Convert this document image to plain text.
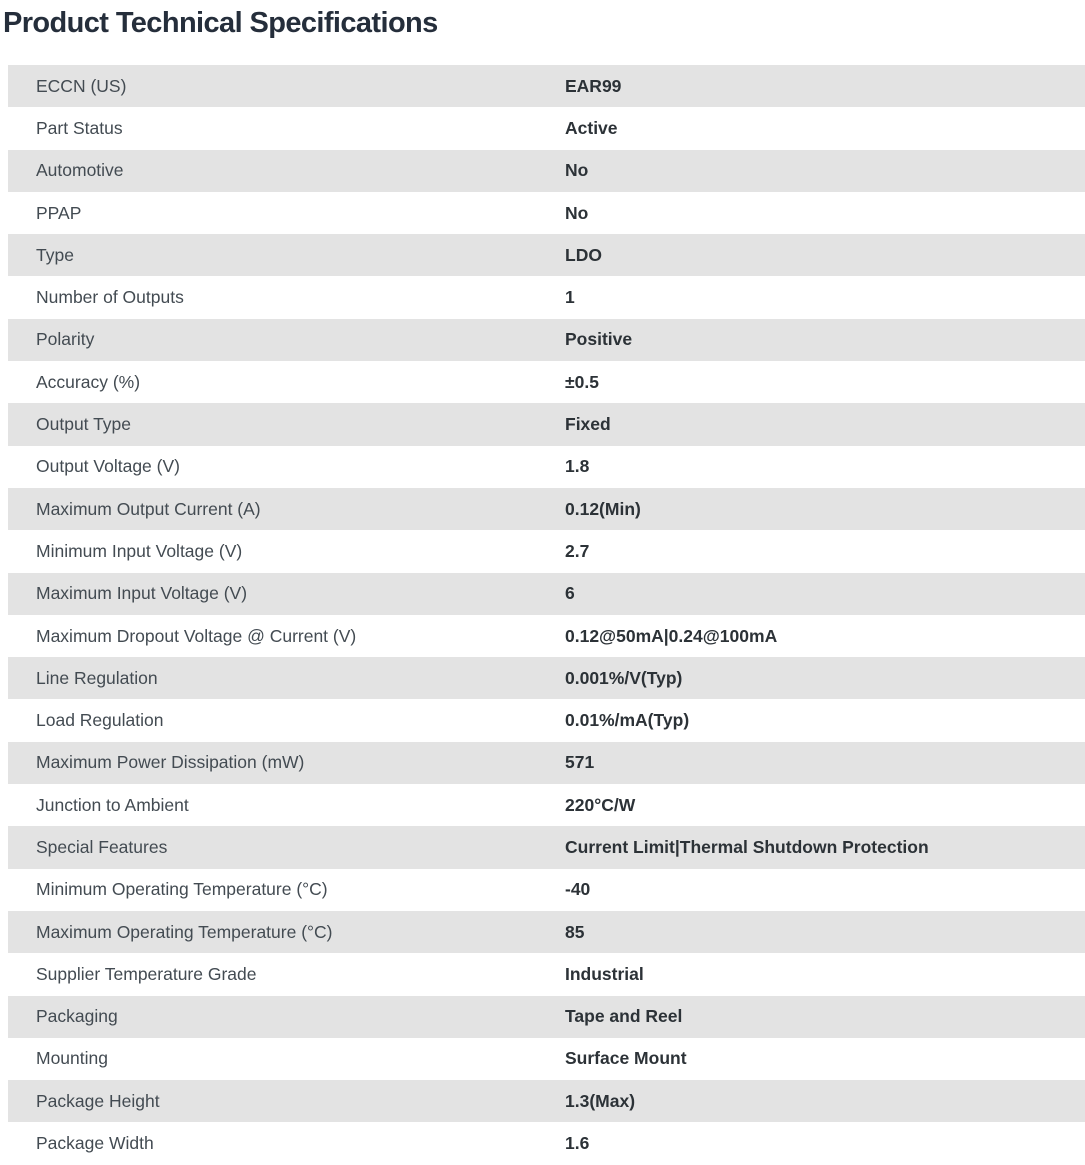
Product Technical Specifications
ECCN (US)	EAR99
Part Status	Active
Automotive	No
PPAP	No
Type	LDO
Number of Outputs	1
Polarity	Positive
Accuracy (%)	±0.5
Output Type	Fixed
Output Voltage (V)	1.8
Maximum Output Current (A)	0.12(Min)
Minimum Input Voltage (V)	2.7
Maximum Input Voltage (V)	6
Maximum Dropout Voltage @ Current (V)	0.12@50mA|0.24@100mA
Line Regulation	0.001%/V(Typ)
Load Regulation	0.01%/mA(Typ)
Maximum Power Dissipation (mW)	571
Junction to Ambient	220°C/W
Special Features	Current Limit|Thermal Shutdown Protection
Minimum Operating Temperature (°C)	-40
Maximum Operating Temperature (°C)	85
Supplier Temperature Grade	Industrial
Packaging	Tape and Reel
Mounting	Surface Mount
Package Height	1.3(Max)
Package Width	1.6
